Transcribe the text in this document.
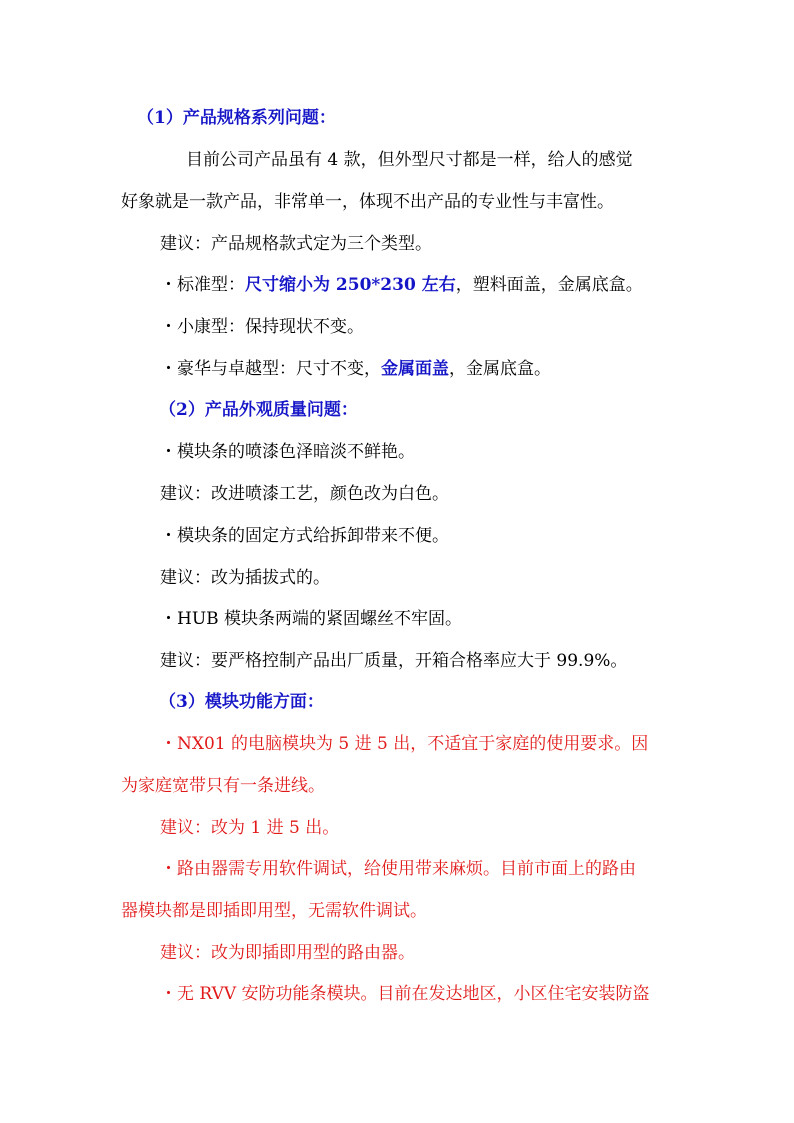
（1）产品规格系列问题：
目前公司产品虽有 4 款，但外型尺寸都是一样，给人的感觉
好象就是一款产品，非常单一，体现不出产品的专业性与丰富性。
建议：产品规格款式定为三个类型。
・标准型：尺寸缩小为 250*230 左右，塑料面盖，金属底盒。
・小康型：保持现状不变。
・豪华与卓越型：尺寸不变，金属面盖，金属底盒。
（2）产品外观质量问题：
・模块条的喷漆色泽暗淡不鲜艳。
建议：改进喷漆工艺，颜色改为白色。
・模块条的固定方式给拆卸带来不便。
建议：改为插拔式的。
・HUB 模块条两端的紧固螺丝不牢固。
建议：要严格控制产品出厂质量，开箱合格率应大于 99.9%。
（3）模块功能方面：
・NX01 的电脑模块为 5 进 5 出，不适宜于家庭的使用要求。因
为家庭宽带只有一条进线。
建议：改为 1 进 5 出。
・路由器需专用软件调试，给使用带来麻烦。目前市面上的路由
器模块都是即插即用型，无需软件调试。
建议：改为即插即用型的路由器。
・无 RVV 安防功能条模块。目前在发达地区，小区住宅安装防盗
